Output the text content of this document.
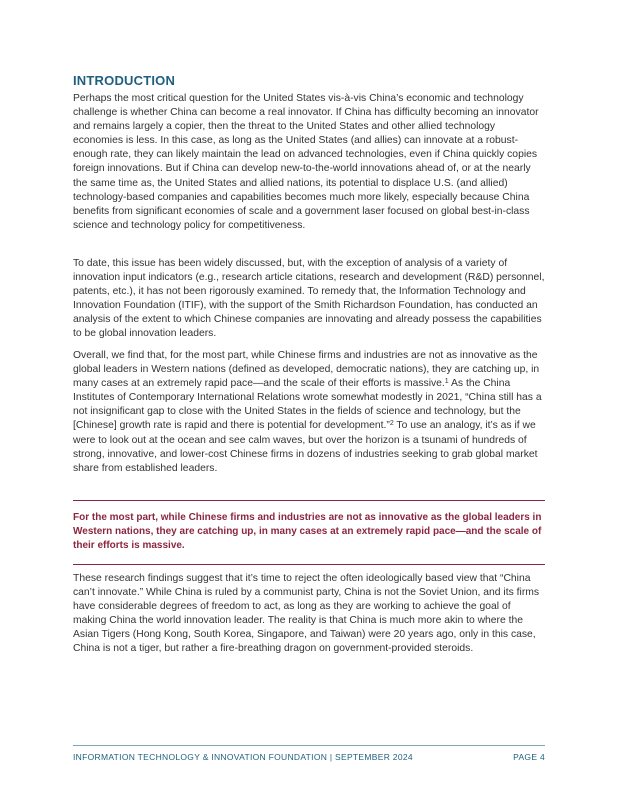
INTRODUCTION

Perhaps the most critical question for the United States vis-à-vis China’s economic and technology challenge is whether China can become a real innovator. If China has difficulty becoming an innovator and remains largely a copier, then the threat to the United States and other allied technology economies is less. In this case, as long as the United States (and allies) can innovate at a robust-enough rate, they can likely maintain the lead on advanced technologies, even if China quickly copies foreign innovations. But if China can develop new-to-the-world innovations ahead of, or at the nearly the same time as, the United States and allied nations, its potential to displace U.S. (and allied) technology-based companies and capabilities becomes much more likely, especially because China benefits from significant economies of scale and a government laser focused on global best-in-class science and technology policy for competitiveness.

To date, this issue has been widely discussed, but, with the exception of analysis of a variety of innovation input indicators (e.g., research article citations, research and development (R&D) personnel, patents, etc.), it has not been rigorously examined. To remedy that, the Information Technology and Innovation Foundation (ITIF), with the support of the Smith Richardson Foundation, has conducted an analysis of the extent to which Chinese companies are innovating and already possess the capabilities to be global innovation leaders.

Overall, we find that, for the most part, while Chinese firms and industries are not as innovative as the global leaders in Western nations (defined as developed, democratic nations), they are catching up, in many cases at an extremely rapid pace—and the scale of their efforts is massive.$^1$ As the China Institutes of Contemporary International Relations wrote somewhat modestly in 2021, “China still has a not insignificant gap to close with the United States in the fields of science and technology, but the [Chinese] growth rate is rapid and there is potential for development.”$^2$ To use an analogy, it’s as if we were to look out at the ocean and see calm waves, but over the horizon is a tsunami of hundreds of strong, innovative, and lower-cost Chinese firms in dozens of industries seeking to grab global market share from established leaders.

For the most part, while Chinese firms and industries are not as innovative as the global leaders in Western nations, they are catching up, in many cases at an extremely rapid pace—and the scale of their efforts is massive.

These research findings suggest that it’s time to reject the often ideologically based view that “China can’t innovate.” While China is ruled by a communist party, China is not the Soviet Union, and its firms have considerable degrees of freedom to act, as long as they are working to achieve the goal of making China the world innovation leader. The reality is that China is much more akin to where the Asian Tigers (Hong Kong, South Korea, Singapore, and Taiwan) were 20 years ago, only in this case, China is not a tiger, but rather a fire-breathing dragon on government-provided steroids.

INFORMATION TECHNOLOGY & INNOVATION FOUNDATION | SEPTEMBER 2024	PAGE 4
